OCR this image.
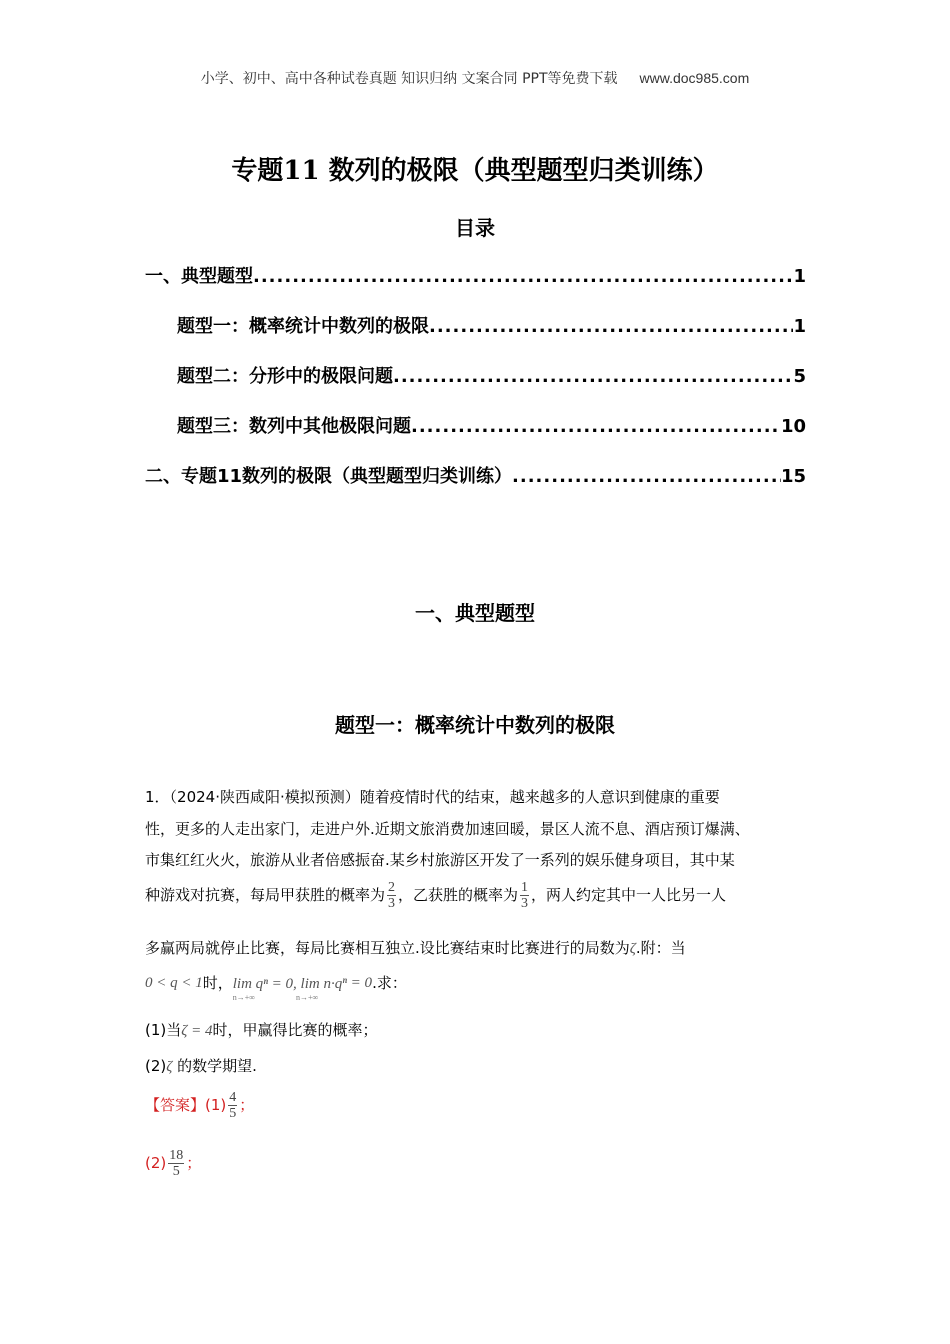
小学、初中、高中各种试卷真题 知识归纳 文案合同 PPT等免费下载 www.doc985.com
专题11 数列的极限（典型题型归类训练）
目录
一、典型题型 .....	1
题型一：概率统计中数列的极限 .....	1
题型二：分形中的极限问题 .....	5
题型三：数列中其他极限问题 .....	10
二、专题11数列的极限（典型题型归类训练） .....	15
一、典型题型
题型一：概率统计中数列的极限
1．（2024·陕西咸阳·模拟预测）随着疫情时代的结束，越来越多的人意识到健康的重要
性，更多的人走出家门，走进户外.近期文旅消费加速回暖，景区人流不息、酒店预订爆满、
市集红红火火，旅游从业者倍感振奋.某乡村旅游区开发了一系列的娱乐健身项目，其中某
种游戏对抗赛，每局甲获胜的概率为 $\frac{2}{3}$ ，乙获胜的概率为 $\frac{1}{3}$ ，两人约定其中一人比另一人
多赢两局就停止比赛，每局比赛相互独立.设比赛结束时比赛进行的局数为ζ.附：当
0 < q < 1时，lim q
n→+∞
ⁿ = 0, lim n·q
n→+∞
ⁿ = 0.求：
(1)当ζ = 4时，甲赢得比赛的概率；
(2)ζ 的数学期望.
【答案】$(1) \frac{4}{5}$ ；
$(2) \frac{18}{5}$ ；
